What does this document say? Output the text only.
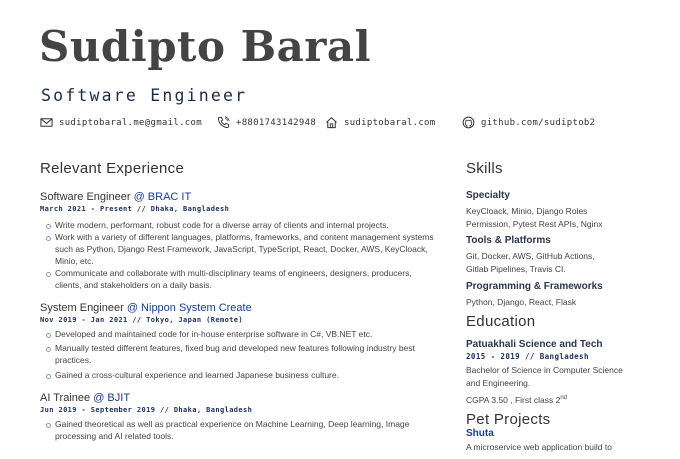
Sudipto Baral
Software Engineer
sudiptobaral.me@gmail.com	+8801743142948	sudiptobaral.com	github.com/sudiptob2
Relevant Experience
Software Engineer @ BRAC IT
March 2021 - Present // Dhaka, Bangladesh
Write modern, performant, robust code for a diverse array of clients and internal projects.
Work with a variety of different languages, platforms, frameworks, and content management systems such as Python, Django Rest Framework, JavaScript, TypeScript, React, Docker, AWS, KeyCloack, Minio, etc.
Communicate and collaborate with multi-disciplinary teams of engineers, designers, producers, clients, and stakeholders on a daily basis.
System Engineer @ Nippon System Create
Nov 2019 - Jan 2021 // Tokyo, Japan (Remote)
Developed and maintained code for in-house enterprise software in C#, VB.NET etc.
Manually tested different features, fixed bug and developed new features following industry best practices.
Gained a cross-cultural experience and learned Japanese business culture.
AI Trainee @ BJIT
Jun 2019 - September 2019 // Dhaka, Bangladesh
Gained theoretical as well as practical experience on Machine Learning, Deep learning, Image processing and AI related tools.
Skills
Specialty
KeyCloack, Minio, Django Roles
Permission, Pytest Rest APIs, Nginx
Tools & Platforms
Git, Docker, AWS, GitHub Actions,
Gitlab Pipelines, Travis CI.
Programming & Frameworks
Python, Django, React, Flask
Education
Patuakhali Science and Tech
2015 - 2019 // Bangladesh
Bachelor of Science in Computer Science
and Engineering.
CGPA 3.50 , First class 2nd
Pet Projects
Shuta
A microservice web application build to
